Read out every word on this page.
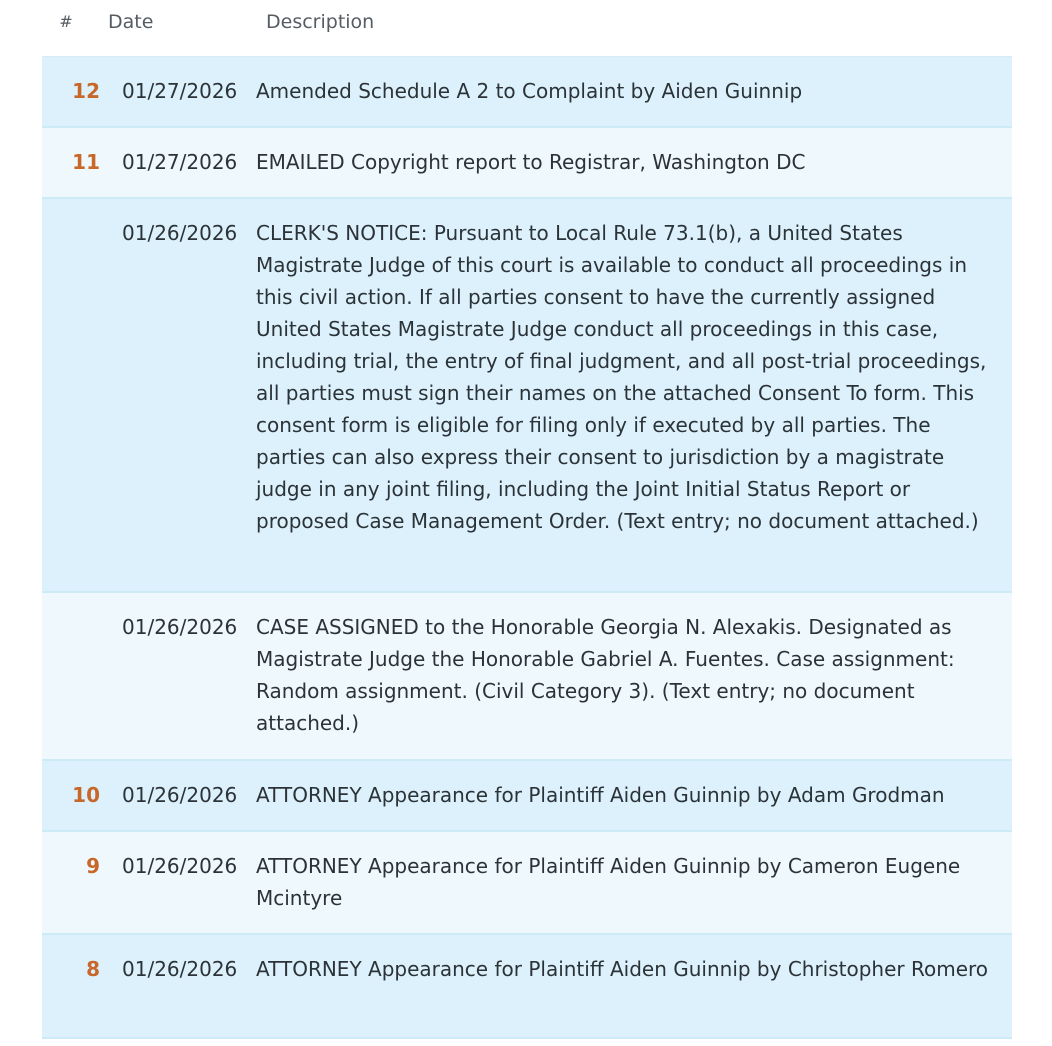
#	Date	Description
12 01/27/2026 Amended Schedule A 2 to Complaint by Aiden Guinnip
11 01/27/2026 EMAILED Copyright report to Registrar, Washington DC
01/26/2026 CLERK'S NOTICE: Pursuant to Local Rule 73.1(b), a United States Magistrate Judge of this court is available to conduct all proceedings in this civil action. If all parties consent to have the currently assigned United States Magistrate Judge conduct all proceedings in this case, including trial, the entry of final judgment, and all post-trial proceedings, all parties must sign their names on the attached Consent To form. This consent form is eligible for filing only if executed by all parties. The parties can also express their consent to jurisdiction by a magistrate judge in any joint filing, including the Joint Initial Status Report or proposed Case Management Order. (Text entry; no document attached.)
01/26/2026 CASE ASSIGNED to the Honorable Georgia N. Alexakis. Designated as Magistrate Judge the Honorable Gabriel A. Fuentes. Case assignment: Random assignment. (Civil Category 3). (Text entry; no document attached.)
10 01/26/2026 ATTORNEY Appearance for Plaintiff Aiden Guinnip by Adam Grodman
9 01/26/2026 ATTORNEY Appearance for Plaintiff Aiden Guinnip by Cameron Eugene Mcintyre
8 01/26/2026 ATTORNEY Appearance for Plaintiff Aiden Guinnip by Christopher Romero
